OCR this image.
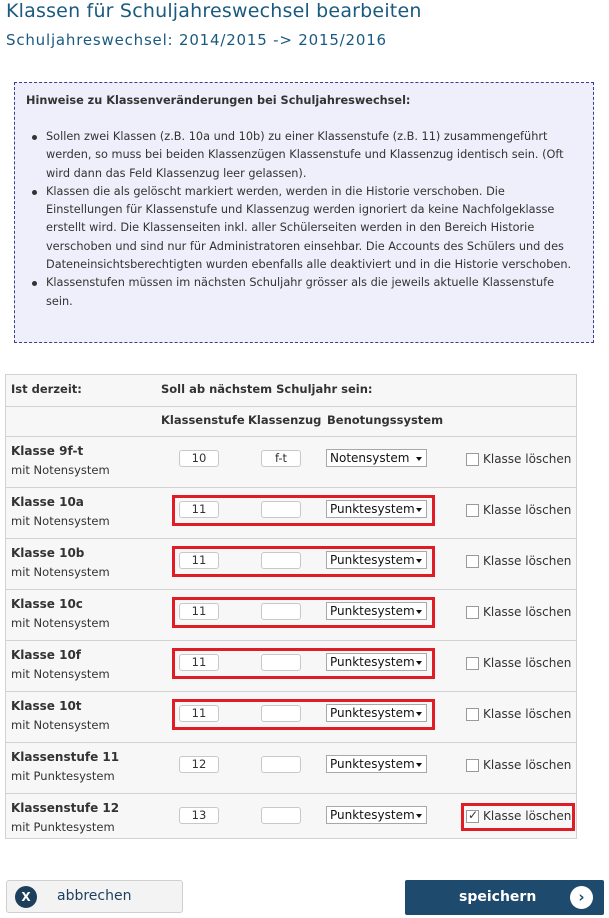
Klassen für Schuljahreswechsel bearbeiten
Schuljahreswechsel: 2014/2015 -> 2015/2016
Hinweise zu Klassenveränderungen bei Schuljahreswechsel:
Sollen zwei Klassen (z.B. 10a und 10b) zu einer Klassenstufe (z.B. 11) zusammengeführt werden, so muss bei beiden Klassenzügen Klassenstufe und Klassenzug identisch sein. (Oft wird dann das Feld Klassenzug leer gelassen).
Klassen die als gelöscht markiert werden, werden in die Historie verschoben. Die Einstellungen für Klassenstufe und Klassenzug werden ignoriert da keine Nachfolgeklasse erstellt wird. Die Klassenseiten inkl. aller Schülerseiten werden in den Bereich Historie verschoben und sind nur für Administratoren einsehbar. Die Accounts des Schülers und des Dateneinsichtsberechtigten wurden ebenfalls alle deaktiviert und in die Historie verschoben.
Klassenstufen müssen im nächsten Schuljahr grösser als die jeweils aktuelle Klassenstufe sein.
Ist derzeit:	Soll ab nächstem Schuljahr sein:
Klassenstufe Klassenzug Benotungssystem
Klasse 9f-t
mit Notensystem
10	f-t	Notensystem	Klasse löschen
Klasse 10a
mit Notensystem
11	Punktesystem	Klasse löschen
Klasse 10b
mit Notensystem
11	Punktesystem	Klasse löschen
Klasse 10c
mit Notensystem
11	Punktesystem	Klasse löschen
Klasse 10f
mit Notensystem
11	Punktesystem	Klasse löschen
Klasse 10t
mit Notensystem
11	Punktesystem	Klasse löschen
Klassenstufe 11
mit Punktesystem
12	Punktesystem	Klasse löschen
Klassenstufe 12
mit Punktesystem
13	Punktesystem
✓	Klasse löschen
X	abbrechen	speichern	›
